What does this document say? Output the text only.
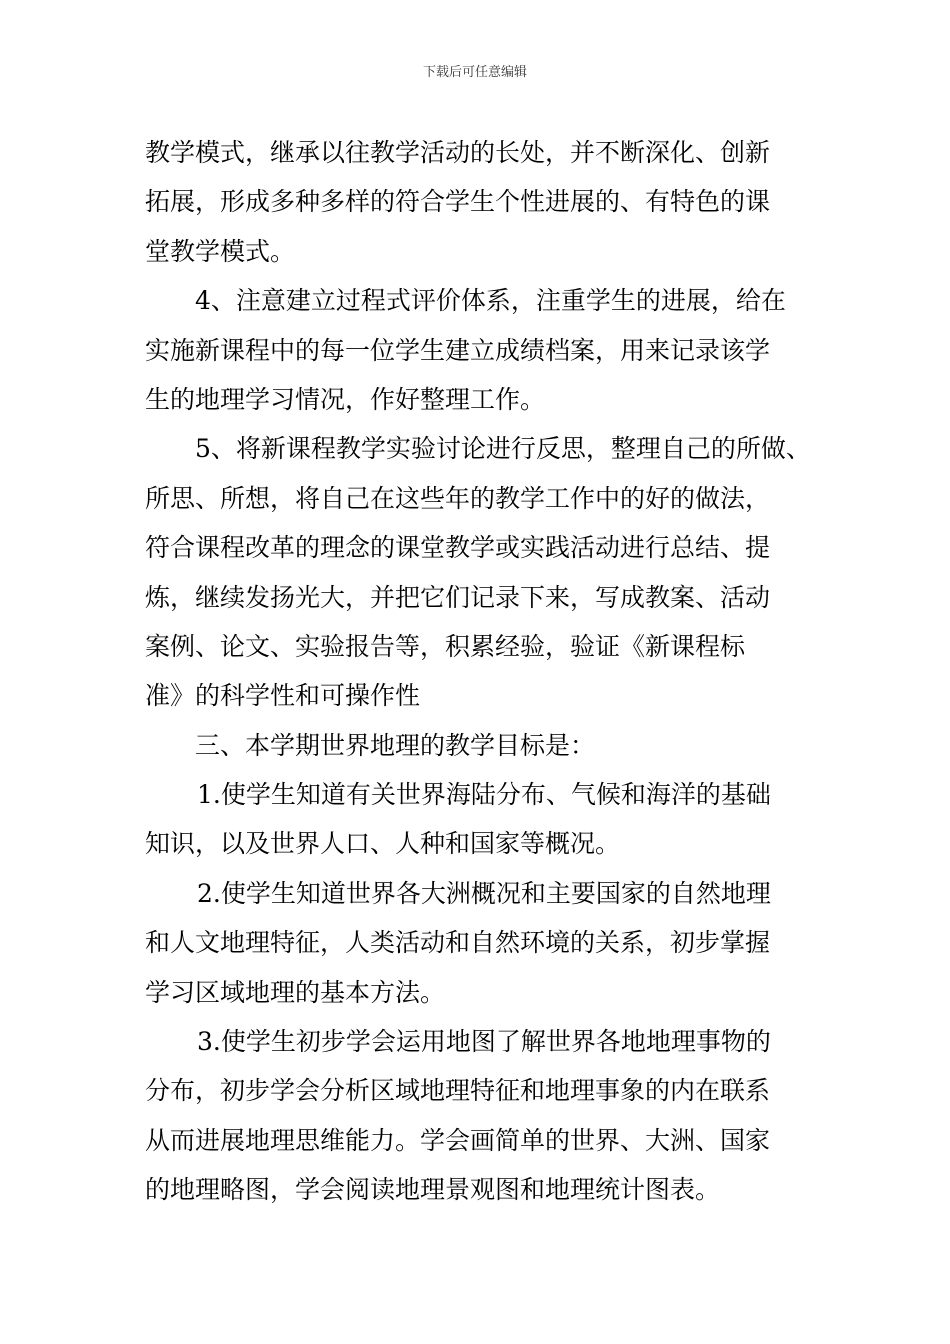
下载后可任意编辑
教学模式，继承以往教学活动的长处，并不断深化、创新
拓展，形成多种多样的符合学生个性进展的、有特色的课
堂教学模式。
4、注意建立过程式评价体系，注重学生的进展，给在
实施新课程中的每一位学生建立成绩档案，用来记录该学
生的地理学习情况，作好整理工作。
5、将新课程教学实验讨论进行反思，整理自己的所做、
所思、所想，将自己在这些年的教学工作中的好的做法，
符合课程改革的理念的课堂教学或实践活动进行总结、提
炼，继续发扬光大，并把它们记录下来，写成教案、活动
案例、论文、实验报告等，积累经验，验证《新课程标
准》的科学性和可操作性
三、本学期世界地理的教学目标是：
1.使学生知道有关世界海陆分布、气候和海洋的基础
知识，以及世界人口、人种和国家等概况。
2.使学生知道世界各大洲概况和主要国家的自然地理
和人文地理特征，人类活动和自然环境的关系，初步掌握
学习区域地理的基本方法。
3.使学生初步学会运用地图了解世界各地地理事物的
分布，初步学会分析区域地理特征和地理事象的内在联系
从而进展地理思维能力。学会画简单的世界、大洲、国家
的地理略图，学会阅读地理景观图和地理统计图表。
